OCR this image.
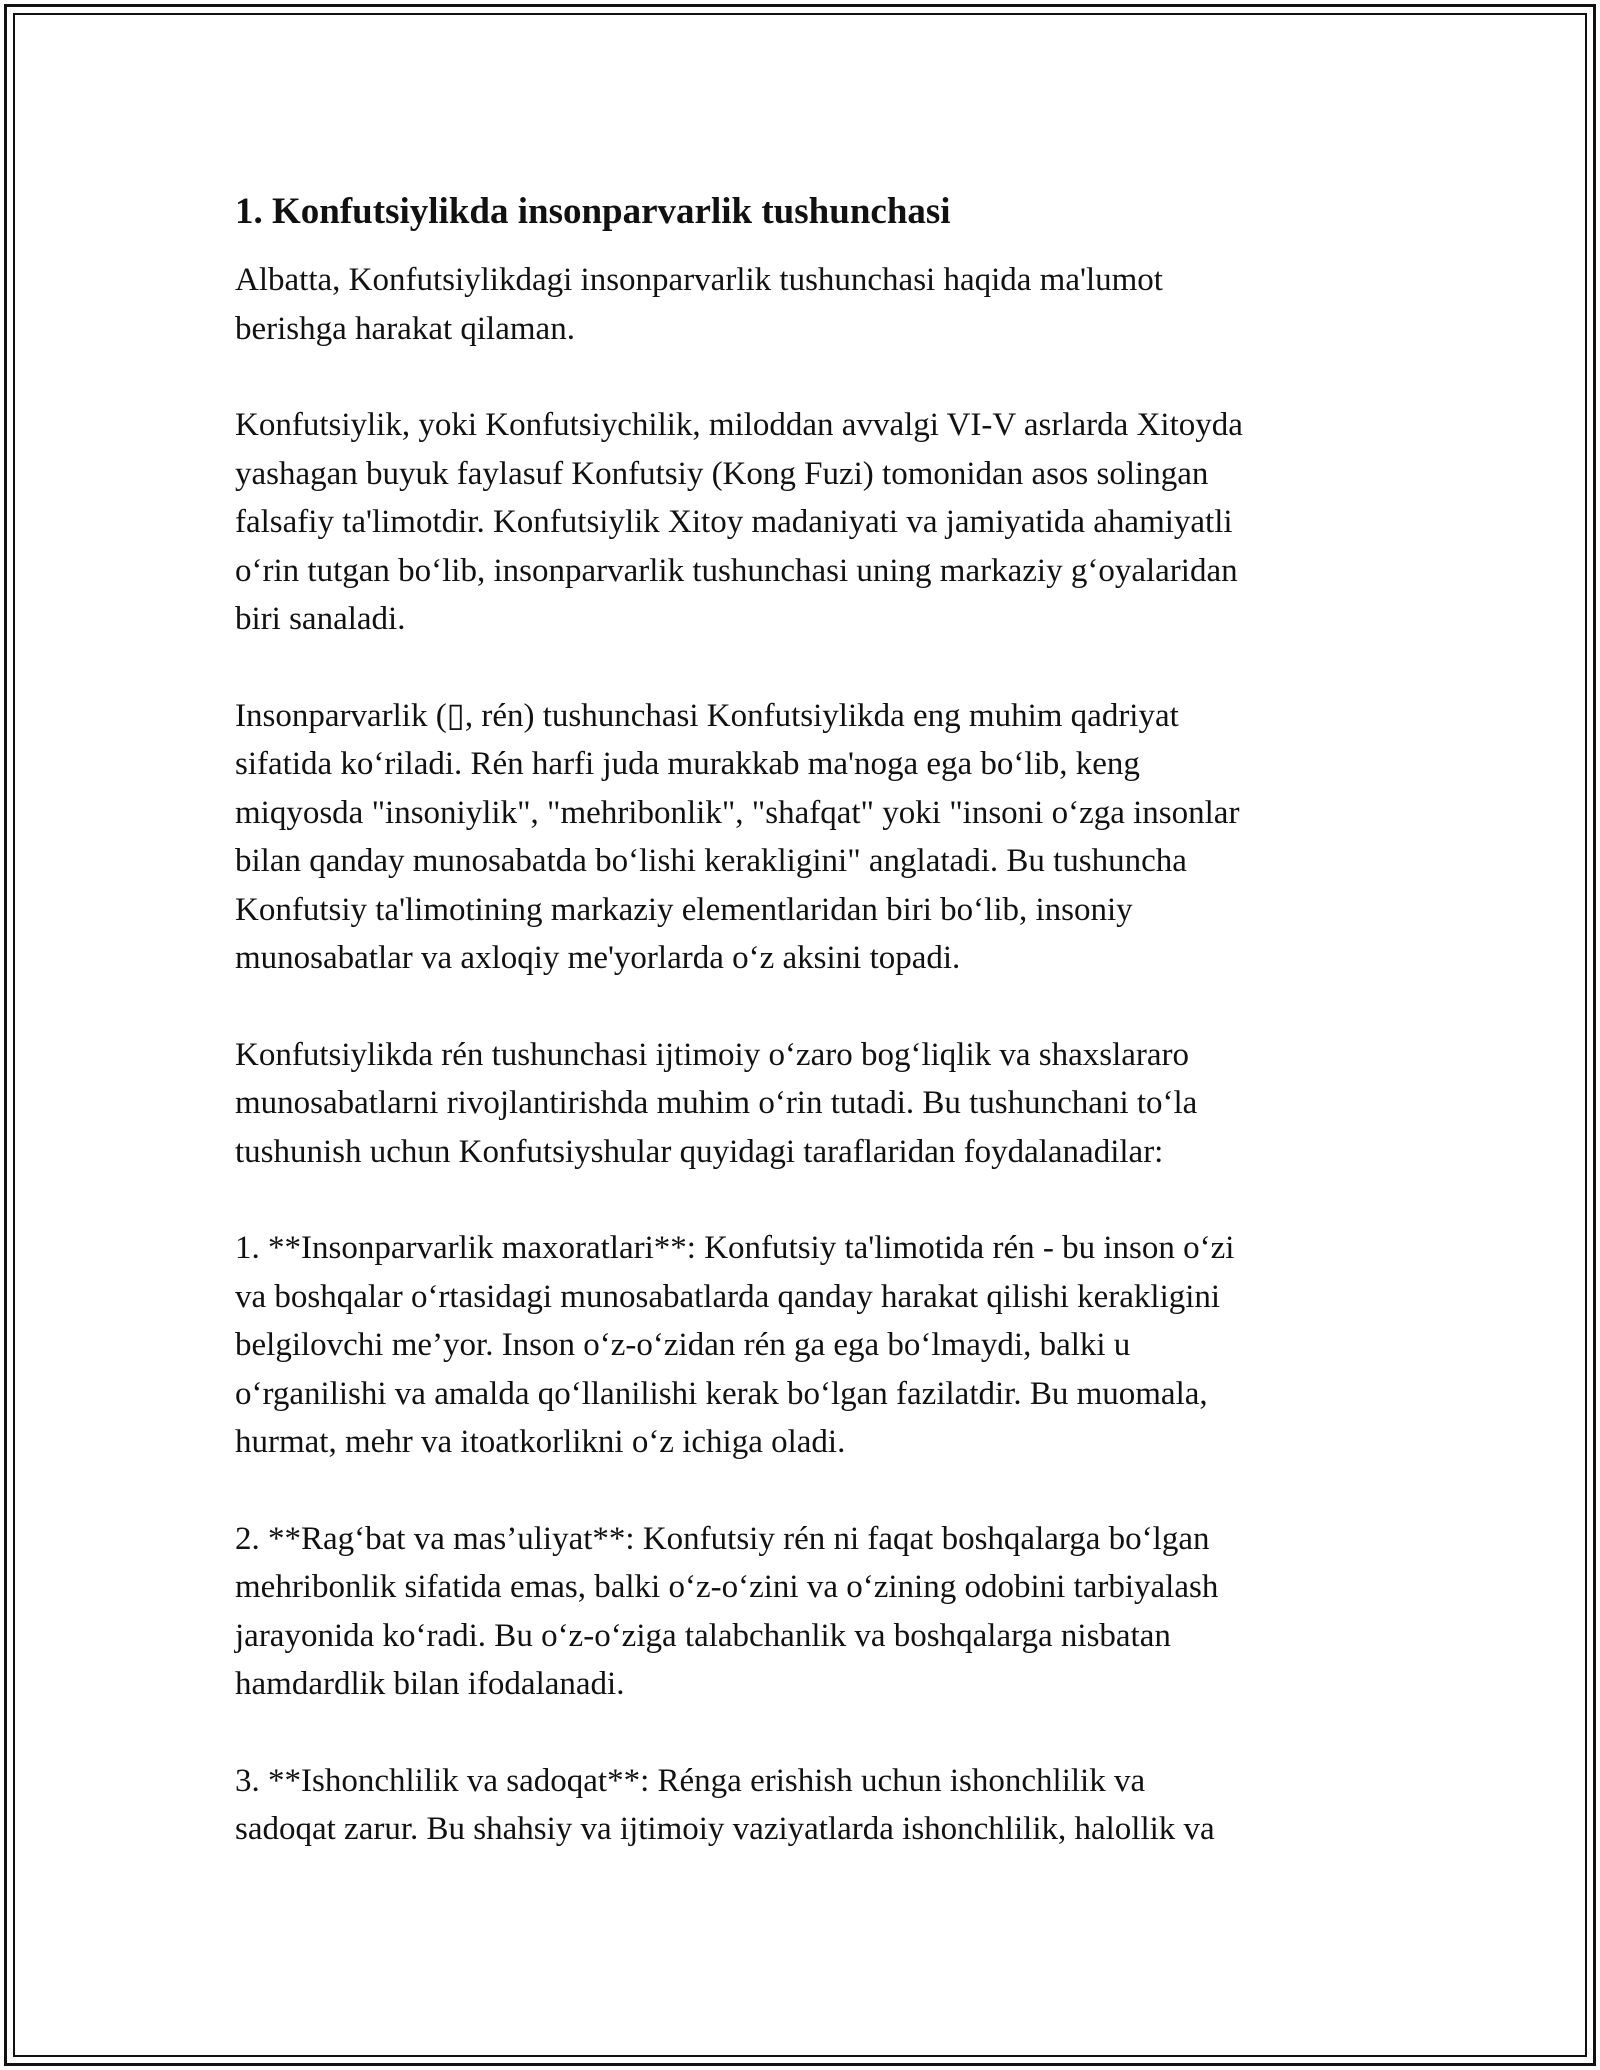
1. Konfutsiylikda insonparvarlik tushunchasi

Albatta, Konfutsiylikdagi insonparvarlik tushunchasi haqida ma'lumot
berishga harakat qilaman.

Konfutsiylik, yoki Konfutsiychilik, miloddan avvalgi VI-V asrlarda Xitoyda
yashagan buyuk faylasuf Konfutsiy (Kong Fuzi) tomonidan asos solingan
falsafiy ta'limotdir. Konfutsiylik Xitoy madaniyati va jamiyatida ahamiyatli
o‘rin tutgan bo‘lib, insonparvarlik tushunchasi uning markaziy g‘oyalaridan
biri sanaladi.

Insonparvarlik (▯, rén) tushunchasi Konfutsiylikda eng muhim qadriyat
sifatida ko‘riladi. Rén harfi juda murakkab ma'noga ega bo‘lib, keng
miqyosda "insoniylik", "mehribonlik", "shafqat" yoki "insoni o‘zga insonlar
bilan qanday munosabatda bo‘lishi kerakligini" anglatadi. Bu tushuncha
Konfutsiy ta'limotining markaziy elementlaridan biri bo‘lib, insoniy
munosabatlar va axloqiy me'yorlarda o‘z aksini topadi.

Konfutsiylikda rén tushunchasi ijtimoiy o‘zaro bog‘liqlik va shaxslararo
munosabatlarni rivojlantirishda muhim o‘rin tutadi. Bu tushunchani to‘la
tushunish uchun Konfutsiyshular quyidagi taraflaridan foydalanadilar:

1. **Insonparvarlik maxoratlari**: Konfutsiy ta'limotida rén - bu inson o‘zi
va boshqalar o‘rtasidagi munosabatlarda qanday harakat qilishi kerakligini
belgilovchi me’yor. Inson o‘z-o‘zidan rén ga ega bo‘lmaydi, balki u
o‘rganilishi va amalda qo‘llanilishi kerak bo‘lgan fazilatdir. Bu muomala,
hurmat, mehr va itoatkorlikni o‘z ichiga oladi.

2. **Rag‘bat va mas’uliyat**: Konfutsiy rén ni faqat boshqalarga bo‘lgan
mehribonlik sifatida emas, balki o‘z-o‘zini va o‘zining odobini tarbiyalash
jarayonida ko‘radi. Bu o‘z-o‘ziga talabchanlik va boshqalarga nisbatan
hamdardlik bilan ifodalanadi.

3. **Ishonchlilik va sadoqat**: Rénga erishish uchun ishonchlilik va
sadoqat zarur. Bu shahsiy va ijtimoiy vaziyatlarda ishonchlilik, halollik va
